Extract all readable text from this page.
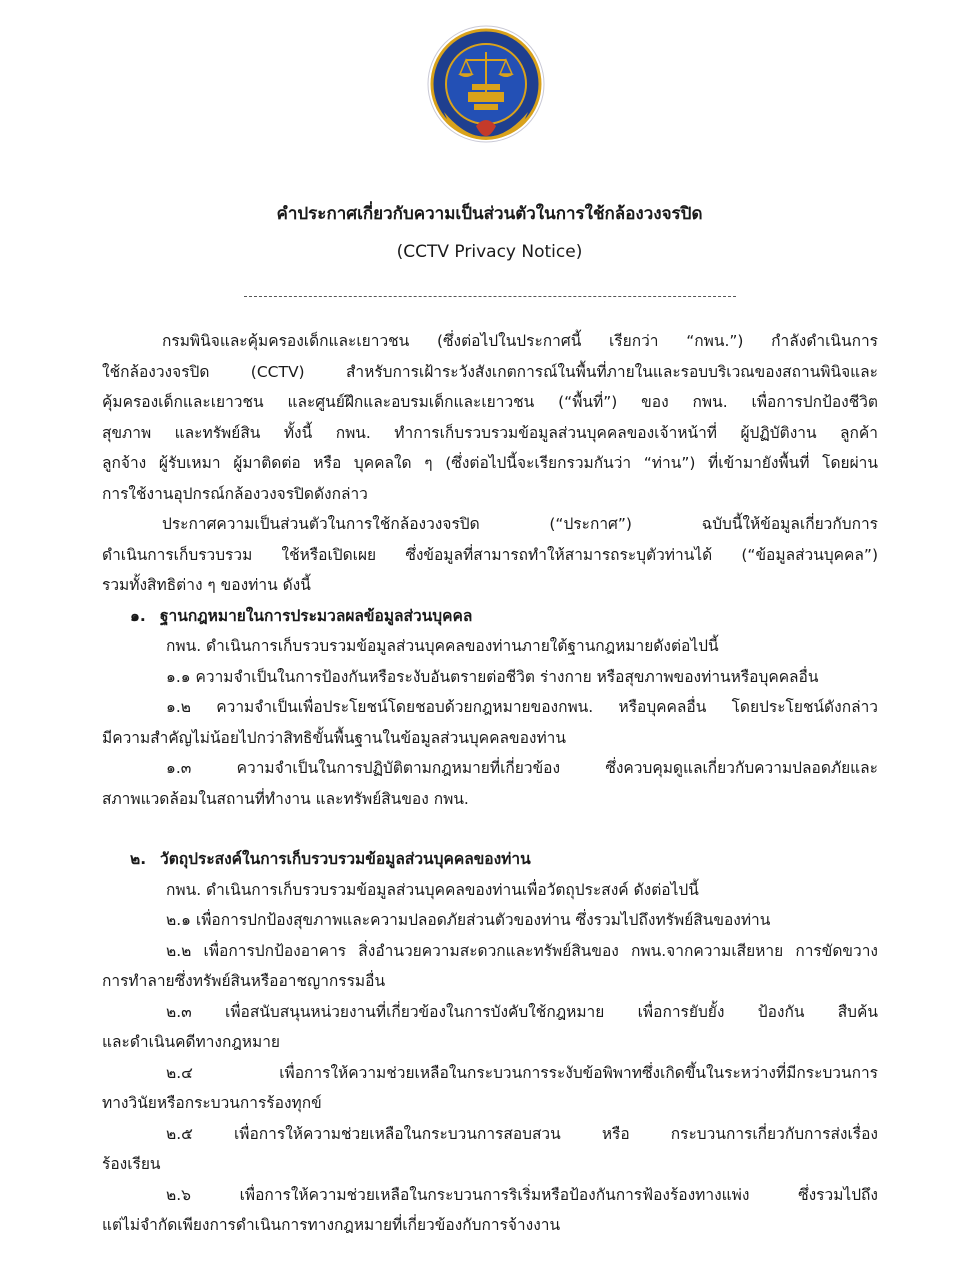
คำประกาศเกี่ยวกับความเป็นส่วนตัวในการใช้กล้องวงจรปิด
(CCTV Privacy Notice)
กรมพินิจและคุ้มครองเด็กและเยาวชน (ซึ่งต่อไปในประกาศนี้ เรียกว่า “กพน.”) กำลังดำเนินการ
ใช้กล้องวงจรปิด (CCTV) สำหรับการเฝ้าระวังสังเกตการณ์ในพื้นที่ภายในและรอบบริเวณของสถานพินิจและ
คุ้มครองเด็กและเยาวชน และศูนย์ฝึกและอบรมเด็กและเยาวชน (“พื้นที่”) ของ กพน. เพื่อการปกป้องชีวิต
สุขภาพ และทรัพย์สิน ทั้งนี้ กพน. ทำการเก็บรวบรวมข้อมูลส่วนบุคคลของเจ้าหน้าที่ ผู้ปฏิบัติงาน ลูกค้า
ลูกจ้าง ผู้รับเหมา ผู้มาติดต่อ หรือ บุคคลใด ๆ (ซึ่งต่อไปนี้จะเรียกรวมกันว่า “ท่าน”) ที่เข้ามายังพื้นที่ โดยผ่าน
การใช้งานอุปกรณ์กล้องวงจรปิดดังกล่าว
ประกาศความเป็นส่วนตัวในการใช้กล้องวงจรปิด (“ประกาศ”) ฉบับนี้ให้ข้อมูลเกี่ยวกับการ
ดำเนินการเก็บรวบรวม ใช้หรือเปิดเผย ซึ่งข้อมูลที่สามารถทำให้สามารถระบุตัวท่านได้ (“ข้อมูลส่วนบุคคล”)
รวมทั้งสิทธิต่าง ๆ ของท่าน ดังนี้
๑. ฐานกฎหมายในการประมวลผลข้อมูลส่วนบุคคล
กพน. ดำเนินการเก็บรวบรวมข้อมูลส่วนบุคคลของท่านภายใต้ฐานกฎหมายดังต่อไปนี้
๑.๑ ความจำเป็นในการป้องกันหรือระงับอันตรายต่อชีวิต ร่างกาย หรือสุขภาพของท่านหรือบุคคลอื่น
๑.๒ ความจำเป็นเพื่อประโยชน์โดยชอบด้วยกฎหมายของกพน. หรือบุคคลอื่น โดยประโยชน์ดังกล่าว
มีความสำคัญไม่น้อยไปกว่าสิทธิขั้นพื้นฐานในข้อมูลส่วนบุคคลของท่าน
๑.๓ ความจำเป็นในการปฏิบัติตามกฎหมายที่เกี่ยวข้อง ซึ่งควบคุมดูแลเกี่ยวกับความปลอดภัยและ
สภาพแวดล้อมในสถานที่ทำงาน และทรัพย์สินของ กพน.
๒. วัตถุประสงค์ในการเก็บรวบรวมข้อมูลส่วนบุคคลของท่าน
กพน. ดำเนินการเก็บรวบรวมข้อมูลส่วนบุคคลของท่านเพื่อวัตถุประสงค์ ดังต่อไปนี้
๒.๑ เพื่อการปกป้องสุขภาพและความปลอดภัยส่วนตัวของท่าน ซึ่งรวมไปถึงทรัพย์สินของท่าน
๒.๒ เพื่อการปกป้องอาคาร สิ่งอำนวยความสะดวกและทรัพย์สินของ กพน.จากความเสียหาย การขัดขวาง
การทำลายซึ่งทรัพย์สินหรืออาชญากรรมอื่น
๒.๓ เพื่อสนับสนุนหน่วยงานที่เกี่ยวข้องในการบังคับใช้กฎหมาย เพื่อการยับยั้ง ป้องกัน สืบค้น
และดำเนินคดีทางกฎหมาย
๒.๔ เพื่อการให้ความช่วยเหลือในกระบวนการระงับข้อพิพาทซึ่งเกิดขึ้นในระหว่างที่มีกระบวนการ
ทางวินัยหรือกระบวนการร้องทุกข์
๒.๕ เพื่อการให้ความช่วยเหลือในกระบวนการสอบสวน หรือ กระบวนการเกี่ยวกับการส่งเรื่อง
ร้องเรียน
๒.๖ เพื่อการให้ความช่วยเหลือในกระบวนการริเริ่มหรือป้องกันการฟ้องร้องทางแพ่ง ซึ่งรวมไปถึง
แต่ไม่จำกัดเพียงการดำเนินการทางกฎหมายที่เกี่ยวข้องกับการจ้างงาน
